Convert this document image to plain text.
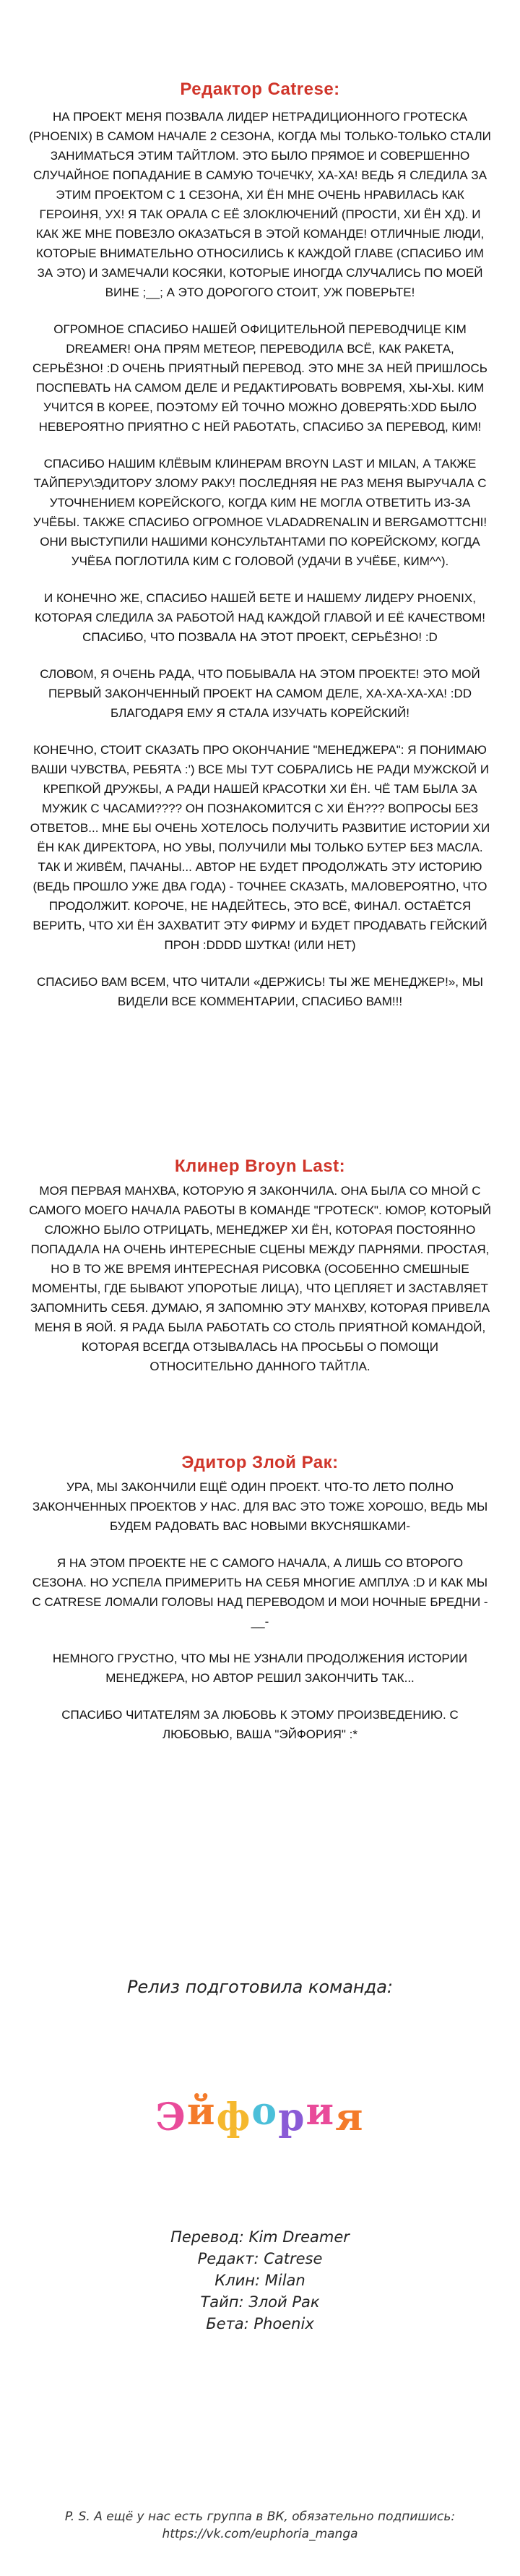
Редактор Catrese:

НА ПРОЕКТ МЕНЯ ПОЗВАЛА ЛИДЕР НЕТРАДИЦИОННОГО ГРОТЕСКА (PHOENIX) В САМОМ НАЧАЛЕ 2 СЕЗОНА, КОГДА МЫ ТОЛЬКО-ТОЛЬКО СТАЛИ ЗАНИМАТЬСЯ ЭТИМ ТАЙТЛОМ. ЭТО БЫЛО ПРЯМОЕ И СОВЕРШЕННО СЛУЧАЙНОЕ ПОПАДАНИЕ В САМУЮ ТОЧЕЧКУ, ХА-ХА! ВЕДЬ Я СЛЕДИЛА ЗА ЭТИМ ПРОЕКТОМ С 1 СЕЗОНА, ХИ ЁН МНЕ ОЧЕНЬ НРАВИЛАСЬ КАК ГЕРОИНЯ, УХ! Я ТАК ОРАЛА С ЕЁ ЗЛОКЛЮЧЕНИЙ (ПРОСТИ, ХИ ЁН ХД). И КАК ЖЕ МНЕ ПОВЕЗЛО ОКАЗАТЬСЯ В ЭТОЙ КОМАНДЕ! ОТЛИЧНЫЕ ЛЮДИ, КОТОРЫЕ ВНИМАТЕЛЬНО ОТНОСИЛИСЬ К КАЖДОЙ ГЛАВЕ (СПАСИБО ИМ ЗА ЭТО) И ЗАМЕЧАЛИ КОСЯКИ, КОТОРЫЕ ИНОГДА СЛУЧАЛИСЬ ПО МОЕЙ ВИНЕ ;__; А ЭТО ДОРОГОГО СТОИТ, УЖ ПОВЕРЬТЕ!

ОГРОМНОЕ СПАСИБО НАШЕЙ ОФИЦИТЕЛЬНОЙ ПЕРЕВОДЧИЦЕ KIM DREAMER! ОНА ПРЯМ МЕТЕОР, ПЕРЕВОДИЛА ВСЁ, КАК РАКЕТА, СЕРЬЁЗНО! :D ОЧЕНЬ ПРИЯТНЫЙ ПЕРЕВОД. ЭТО МНЕ ЗА НЕЙ ПРИШЛОСЬ ПОСПЕВАТЬ НА САМОМ ДЕЛЕ И РЕДАКТИРОВАТЬ ВОВРЕМЯ, ХЫ-ХЫ. КИМ УЧИТСЯ В КОРЕЕ, ПОЭТОМУ ЕЙ ТОЧНО МОЖНО ДОВЕРЯТЬ:XDD БЫЛО НЕВЕРОЯТНО ПРИЯТНО С НЕЙ РАБОТАТЬ, СПАСИБО ЗА ПЕРЕВОД, КИМ!

СПАСИБО НАШИМ КЛЁВЫМ КЛИНЕРАМ BROYN LAST И MILAN, А ТАКЖЕ ТАЙПЕРУ\ЭДИТОРУ ЗЛОМУ РАКУ! ПОСЛЕДНЯЯ НЕ РАЗ МЕНЯ ВЫРУЧАЛА С УТОЧНЕНИЕМ КОРЕЙСКОГО, КОГДА КИМ НЕ МОГЛА ОТВЕТИТЬ ИЗ-ЗА УЧЁБЫ. ТАКЖЕ СПАСИБО ОГРОМНОЕ VLADADRENALIN И BERGAMOTTCHI!ОНИ ВЫСТУПИЛИ НАШИМИ КОНСУЛЬТАНТАМИ ПО КОРЕЙСКОМУ, КОГДА УЧЁБА ПОГЛОТИЛА КИМ С ГОЛОВОЙ (УДАЧИ В УЧЁБЕ, КИМ^^).

И КОНЕЧНО ЖЕ, СПАСИБО НАШЕЙ БЕТЕ И НАШЕМУ ЛИДЕРУ PHOENIX, КОТОРАЯ СЛЕДИЛА ЗА РАБОТОЙ НАД КАЖДОЙ ГЛАВОЙ И ЕЁ КАЧЕСТВОМ! СПАСИБО, ЧТО ПОЗВАЛА НА ЭТОТ ПРОЕКТ, СЕРЬЁЗНО! :D

СЛОВОМ, Я ОЧЕНЬ РАДА, ЧТО ПОБЫВАЛА НА ЭТОМ ПРОЕКТЕ! ЭТО МОЙ ПЕРВЫЙ ЗАКОНЧЕННЫЙ ПРОЕКТ НА САМОМ ДЕЛЕ, ХА-ХА-ХА-ХА! :DD БЛАГОДАРЯ ЕМУ Я СТАЛА ИЗУЧАТЬ КОРЕЙСКИЙ!

КОНЕЧНО, СТОИТ СКАЗАТЬ ПРО ОКОНЧАНИЕ "МЕНЕДЖЕРА": Я ПОНИМАЮ ВАШИ ЧУВСТВА, РЕБЯТА :') ВСЕ МЫ ТУТ СОБРАЛИСЬ НЕ РАДИ МУЖСКОЙ И КРЕПКОЙ ДРУЖБЫ, А РАДИ НАШЕЙ КРАСОТКИ ХИ ЁН. ЧЁ ТАМ БЫЛА ЗА МУЖИК С ЧАСАМИ???? ОН ПОЗНАКОМИТСЯ С ХИ ЁН??? ВОПРОСЫ БЕЗ ОТВЕТОВ... МНЕ БЫ ОЧЕНЬ ХОТЕЛОСЬ ПОЛУЧИТЬ РАЗВИТИЕ ИСТОРИИ ХИ ЁН КАК ДИРЕКТОРА, НО УВЫ, ПОЛУЧИЛИ МЫ ТОЛЬКО БУТЕР БЕЗ МАСЛА. ТАК И ЖИВЁМ, ПАЧАНЫ... АВТОР НЕ БУДЕТ ПРОДОЛЖАТЬ ЭТУ ИСТОРИЮ (ВЕДЬ ПРОШЛО УЖЕ ДВА ГОДА) - ТОЧНЕЕ СКАЗАТЬ, МАЛОВЕРОЯТНО, ЧТО ПРОДОЛЖИТ. КОРОЧЕ, НЕ НАДЕЙТЕСЬ, ЭТО ВСЁ, ФИНАЛ. ОСТАЁТСЯ ВЕРИТЬ, ЧТО ХИ ЁН ЗАХВАТИТ ЭТУ ФИРМУ И БУДЕТ ПРОДАВАТЬ ГЕЙСКИЙ ПРОН :DDDD ШУТКА! (ИЛИ НЕТ)

СПАСИБО ВАМ ВСЕМ, ЧТО ЧИТАЛИ «ДЕРЖИСЬ! ТЫ ЖЕ МЕНЕДЖЕР!», МЫ ВИДЕЛИ ВСЕ КОММЕНТАРИИ, СПАСИБО ВАМ!!!

Клинер Broyn Last:

МОЯ ПЕРВАЯ МАНХВА, КОТОРУЮ Я ЗАКОНЧИЛА. ОНА БЫЛА СО МНОЙ С САМОГО МОЕГО НАЧАЛА РАБОТЫ В КОМАНДЕ "ГРОТЕСК". ЮМОР, КОТОРЫЙ СЛОЖНО БЫЛО ОТРИЦАТЬ, МЕНЕДЖЕР ХИ ЁН, КОТОРАЯ ПОСТОЯННО ПОПАДАЛА НА ОЧЕНЬ ИНТЕРЕСНЫЕ СЦЕНЫ МЕЖДУ ПАРНЯМИ. ПРОСТАЯ, НО В ТО ЖЕ ВРЕМЯ ИНТЕРЕСНАЯ РИСОВКА (ОСОБЕННО СМЕШНЫЕ МОМЕНТЫ, ГДЕ БЫВАЮТ УПОРОТЫЕ ЛИЦА), ЧТО ЦЕПЛЯЕТ И ЗАСТАВЛЯЕТ ЗАПОМНИТЬ СЕБЯ. ДУМАЮ, Я ЗАПОМНЮ ЭТУ МАНХВУ, КОТОРАЯ ПРИВЕЛА МЕНЯ В ЯОЙ. Я РАДА БЫЛА РАБОТАТЬ СО СТОЛЬ ПРИЯТНОЙ КОМАНДОЙ, КОТОРАЯ ВСЕГДА ОТЗЫВАЛАСЬ НА ПРОСЬБЫ О ПОМОЩИ ОТНОСИТЕЛЬНО ДАННОГО ТАЙТЛА.

Эдитор Злой Рак:

УРА, МЫ ЗАКОНЧИЛИ ЕЩЁ ОДИН ПРОЕКТ. ЧТО-ТО ЛЕТО ПОЛНО ЗАКОНЧЕННЫХ ПРОЕКТОВ У НАС. ДЛЯ ВАС ЭТО ТОЖЕ ХОРОШО, ВЕДЬ МЫ БУДЕМ РАДОВАТЬ ВАС НОВЫМИ ВКУСНЯШКАМИ-

Я НА ЭТОМ ПРОЕКТЕ НЕ С САМОГО НАЧАЛА, А ЛИШЬ СО ВТОРОГО СЕЗОНА. НО УСПЕЛА ПРИМЕРИТЬ НА СЕБЯ МНОГИЕ АМПЛУА :D И КАК МЫ С CATRESE ЛОМАЛИ ГОЛОВЫ НАД ПЕРЕВОДОМ И МОИ НОЧНЫЕ БРЕДНИ -__-

НЕМНОГО ГРУСТНО, ЧТО МЫ НЕ УЗНАЛИ ПРОДОЛЖЕНИЯ ИСТОРИИ МЕНЕДЖЕРА, НО АВТОР РЕШИЛ ЗАКОНЧИТЬ ТАК...

СПАСИБО ЧИТАТЕЛЯМ ЗА ЛЮБОВЬ К ЭТОМУ ПРОИЗВЕДЕНИЮ. С ЛЮБОВЬЮ, ВАША "ЭЙФОРИЯ" :*

Релиз подготовила команда:
Эйфория

Перевод: Kim Dreamer

Редакт: Catrese

Клин: Milan

Тайп: Злой Рак

Бета: Phoenix

P. S. А ещё у нас есть группа в ВК, обязательно подпишись:

https://vk.com/euphoria_manga
